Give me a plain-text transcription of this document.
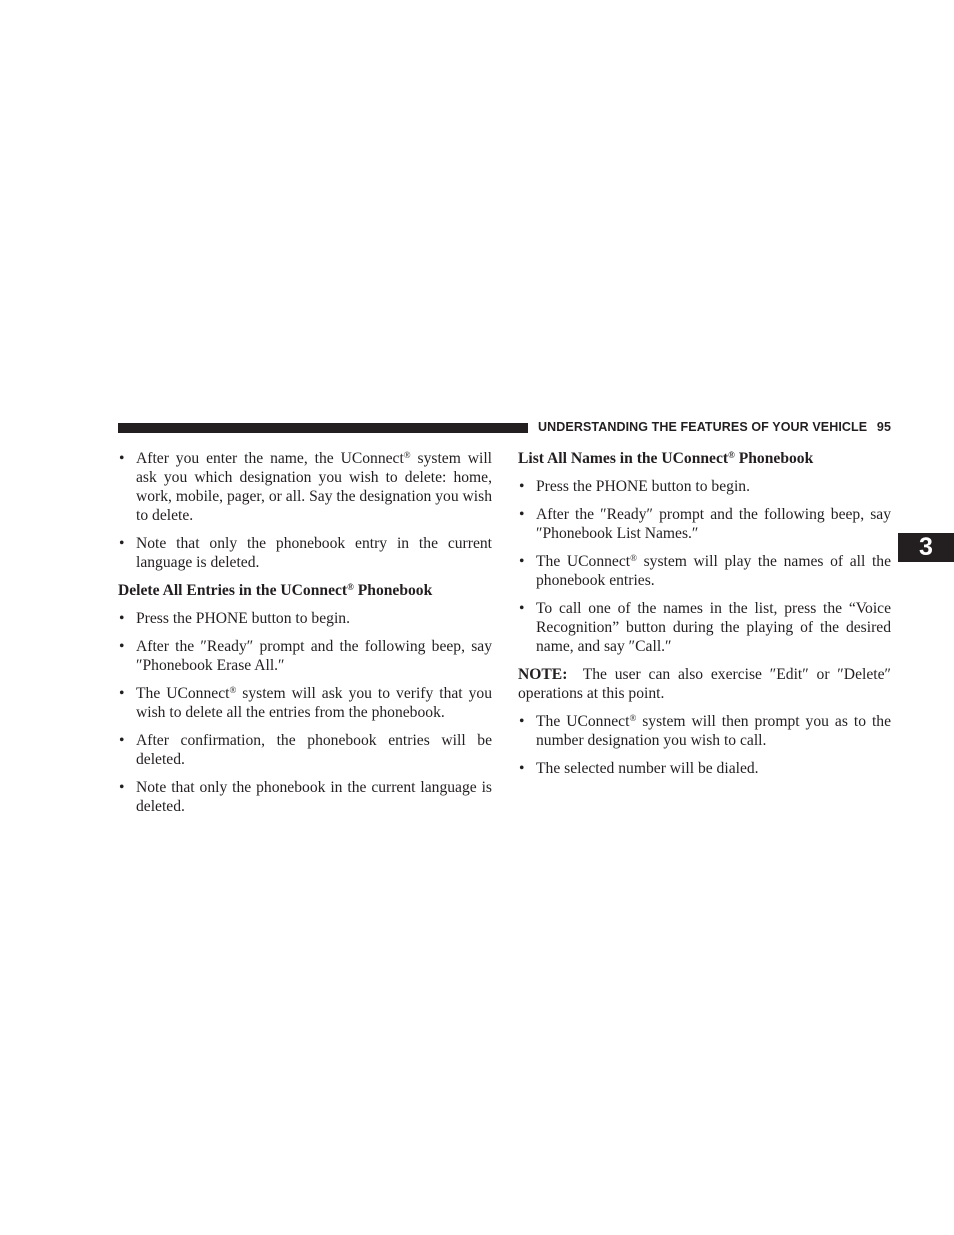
UNDERSTANDING THE FEATURES OF YOUR VEHICLE 95
3
• After you enter the name, the UConnect® system will ask you which designation you wish to delete: home, work, mobile, pager, or all. Say the designation you wish to delete.
• Note that only the phonebook entry in the current language is deleted.
Delete All Entries in the UConnect® Phonebook
• Press the PHONE button to begin.
• After the ″Ready″ prompt and the following beep, say ″Phonebook Erase All.″
• The UConnect® system will ask you to verify that you wish to delete all the entries from the phonebook.
• After confirmation, the phonebook entries will be deleted.
• Note that only the phonebook in the current language is deleted.
List All Names in the UConnect® Phonebook
• Press the PHONE button to begin.
• After the ″Ready″ prompt and the following beep, say ″Phonebook List Names.″
• The UConnect® system will play the names of all the phonebook entries.
• To call one of the names in the list, press the “Voice Recognition” button during the playing of the desired name, and say ″Call.″

NOTE:  The user can also exercise ″Edit″ or ″Delete″ operations at this point.

• The UConnect® system will then prompt you as to the number designation you wish to call.
• The selected number will be dialed.
